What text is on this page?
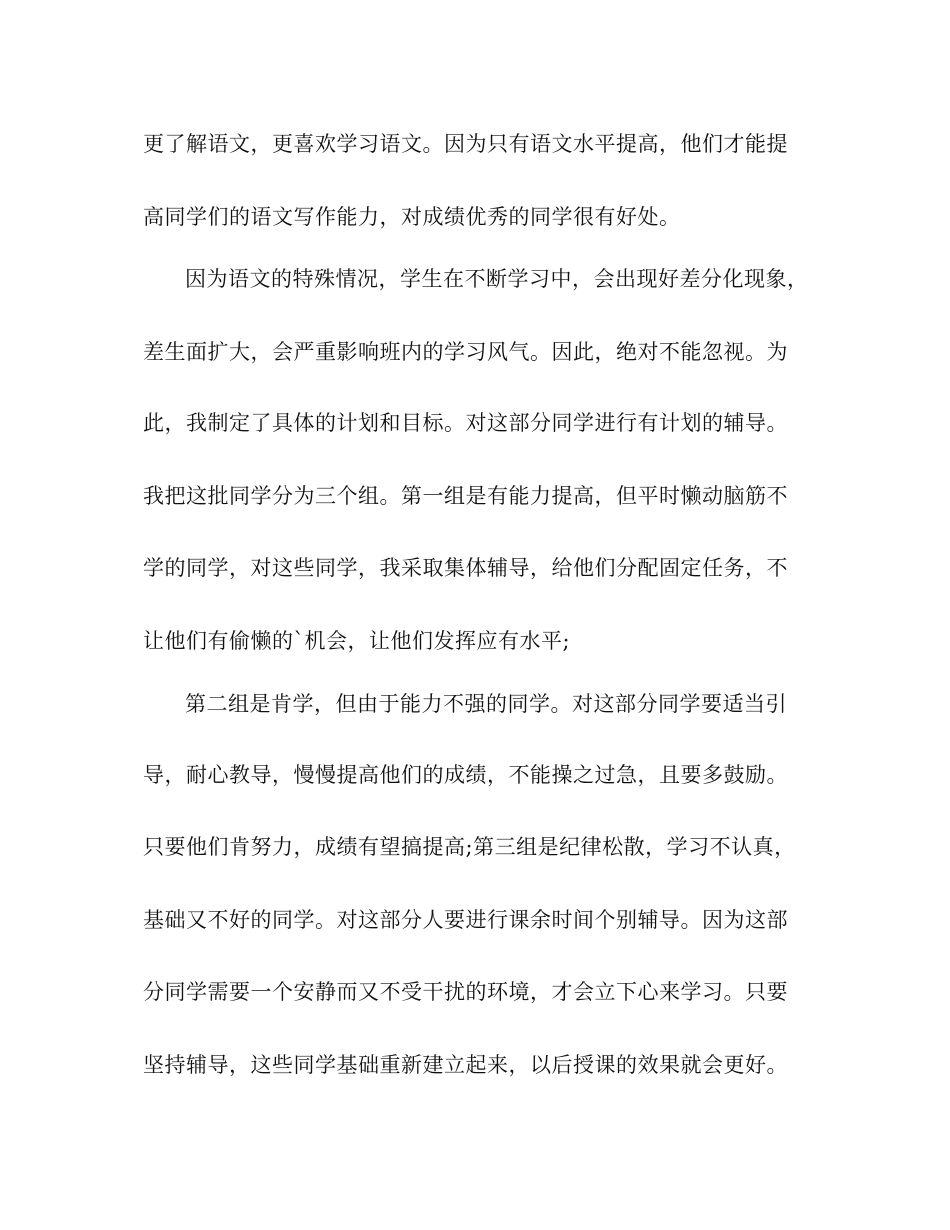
更了解语文，更喜欢学习语文。因为只有语文水平提高，他们才能提
高同学们的语文写作能力，对成绩优秀的同学很有好处。
因为语文的特殊情况，学生在不断学习中，会出现好差分化现象，
差生面扩大，会严重影响班内的学习风气。因此，绝对不能忽视。为
此，我制定了具体的计划和目标。对这部分同学进行有计划的辅导。
我把这批同学分为三个组。第一组是有能力提高，但平时懒动脑筋不
学的同学，对这些同学，我采取集体辅导，给他们分配固定任务，不
让他们有偷懒的`机会，让他们发挥应有水平;
第二组是肯学，但由于能力不强的同学。对这部分同学要适当引
导，耐心教导，慢慢提高他们的成绩，不能操之过急，且要多鼓励。
只要他们肯努力，成绩有望搞提高;第三组是纪律松散，学习不认真，
基础又不好的同学。对这部分人要进行课余时间个别辅导。因为这部
分同学需要一个安静而又不受干扰的环境，才会立下心来学习。只要
坚持辅导，这些同学基础重新建立起来，以后授课的效果就会更好。
